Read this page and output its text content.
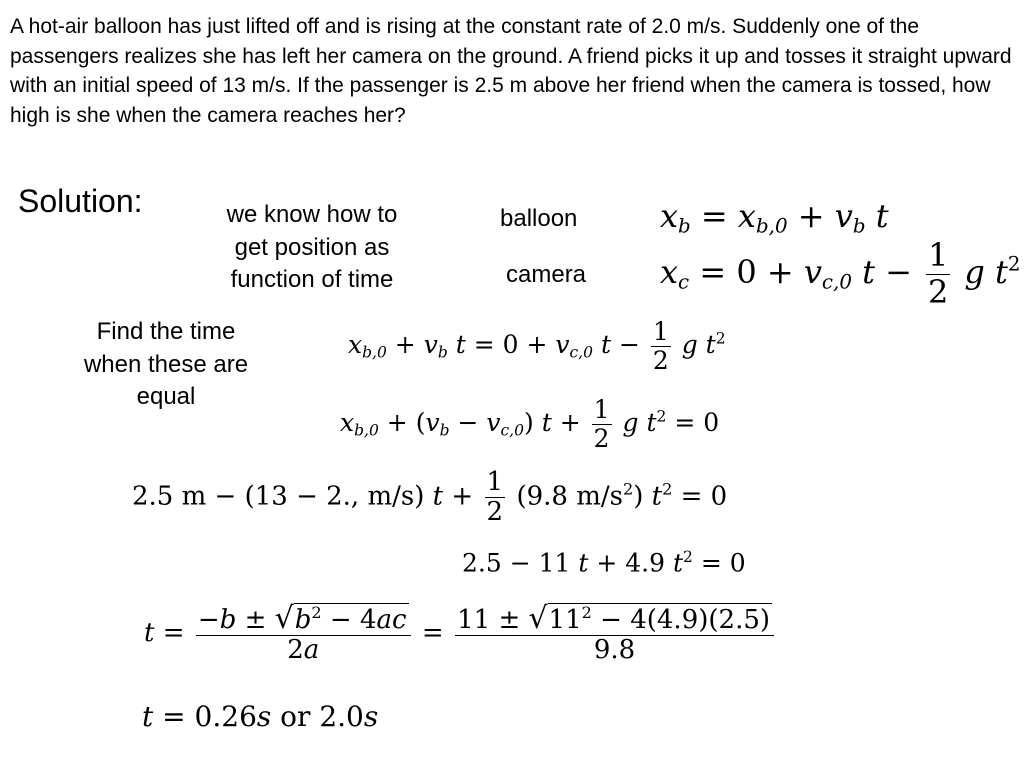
A hot-air balloon has just lifted off and is rising at the constant rate of 2.0 m/s. Suddenly one of the passengers realizes she has left her camera on the ground. A friend picks it up and tosses it straight upward with an initial speed of 13 m/s. If the passenger is 2.5 m above her friend when the camera is tossed, how high is she when the camera reaches her?
Solution:	we know how to
get position as
function of time
balloon
camera
Find the time
when these are
equal
$x_b = x_{b,0} + v_b$ t
$x_c = 0 + v_{c,0}$ $t - \frac{1}{2}$ g $t^2$
$x_{b,0} + v_b$ $t = 0 + v_{c,0}$ $t - \frac{1}{2}$ g $t^2$
$x_{b,0} + (v_b - v_{c,0}) t + \frac{1}{2}$ g $t^2 = 0$
2.5 m − (13 − 2., m/s) $t + \frac{1}{2} (9.8$ $m/s^2$) $t^2 = 0$
2.5 − 11 t + 4.9 $t^2 = 0$
$t = \frac{-b \pm √b^2 - 4ac}{2a} = \frac{11 \pm √11^2 - 4(4.9)(2.5)}{9.8}$
t = 0.26s or 2.0s
